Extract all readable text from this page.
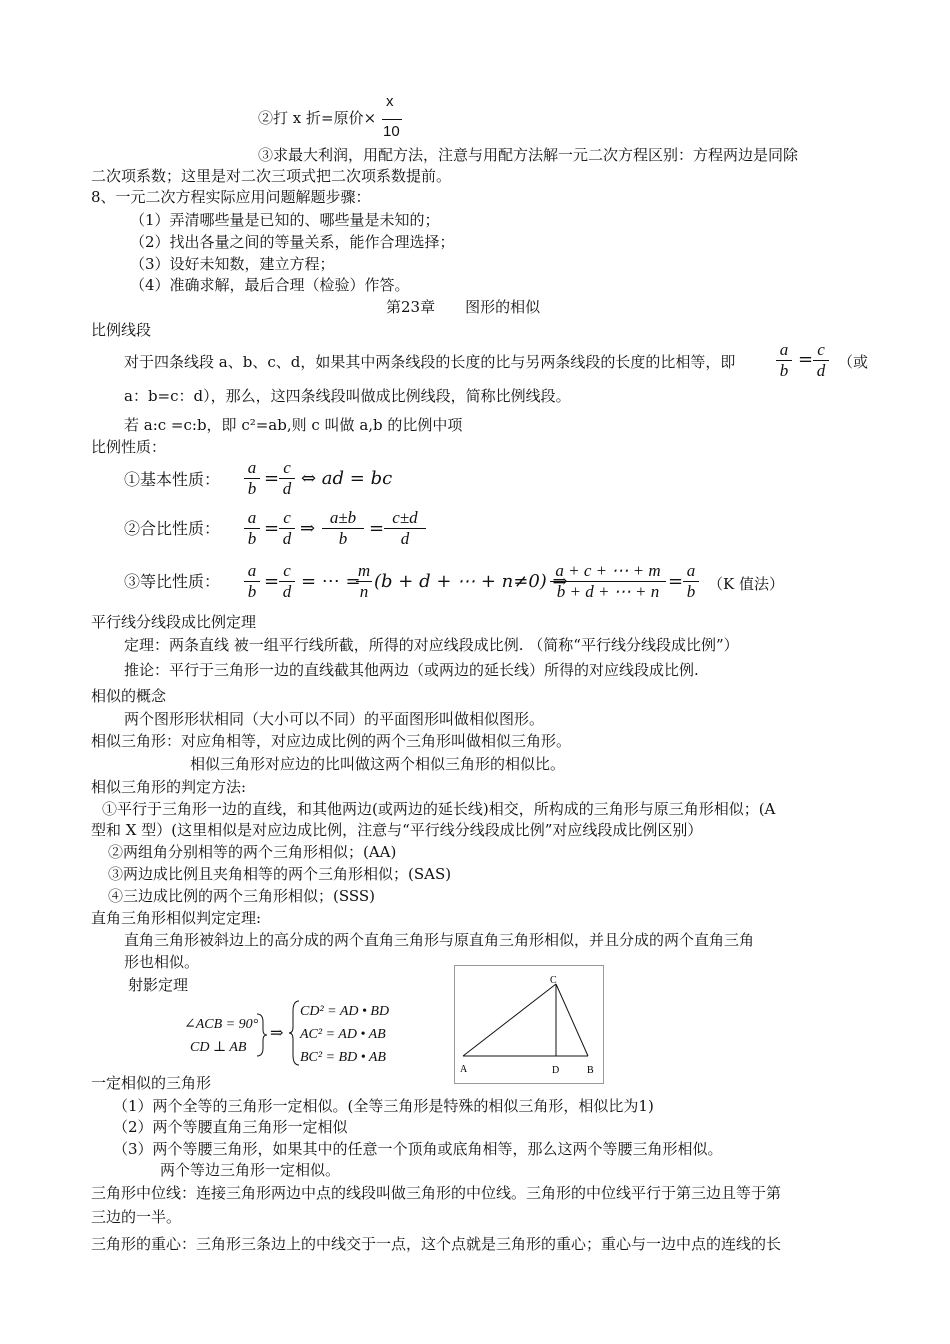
②打 x 折=原价×
x
10
③求最大利润，用配方法，注意与用配方法解一元二次方程区别：方程两边是同除
二次项系数；这里是对二次三项式把二次项系数提前。
8、一元二次方程实际应用问题解题步骤：
（1）弄清哪些量是已知的、哪些量是未知的；
（2）找出各量之间的等量关系，能作合理选择；
（3）设好未知数，建立方程；
（4）准确求解，最后合理（检验）作答。
第23章　　图形的相似
比例线段
对于四条线段 a、b、c、d，如果其中两条线段的长度的比与另两条线段的长度的比相等，即 $\frac{a}{b} = \frac{c}{d}$ （或
a：b=c：d），那么，这四条线段叫做成比例线段，简称比例线段。
若 a:c =c:b，即 c²=ab,则 c 叫做 a,b 的比例中项
比例性质：
①基本性质： $\frac{a}{b} = \frac{c}{d}$ ⇔ ad = bc
②合比性质： $\frac{a}{b} = \frac{c}{d}$ ⇒ $\frac{a\pm b}{b} = \frac{c\pm d}{d}$
③等比性质： $\frac{a}{b} = \frac{c}{d}$ = ⋯ =
$\frac{m}{n} (b + d$ + ⋯ + n≠0) ⇒
$\frac{a + c + \cdots + m}{b + d + \cdots + n} = \frac{a}{b} (K$ 值法）
平行线分线段成比例定理
定理：两条直线 被一组平行线所截，所得的对应线段成比例. （简称“平行线分线段成比例”）
推论：平行于三角形一边的直线截其他两边（或两边的延长线）所得的对应线段成比例.
相似的概念
两个图形形状相同（大小可以不同）的平面图形叫做相似图形。
相似三角形：对应角相等，对应边成比例的两个三角形叫做相似三角形。
相似三角形对应边的比叫做这两个相似三角形的相似比。
相似三角形的判定方法:
①平行于三角形一边的直线，和其他两边(或两边的延长线)相交，所构成的三角形与原三角形相似；(A
型和 X 型）(这里相似是对应边成比例，注意与“平行线分线段成比例”对应线段成比例区别）
②两组角分别相等的两个三角形相似；(AA)
③两边成比例且夹角相等的两个三角形相似；(SAS)
④三边成比例的两个三角形相似；(SSS)
直角三角形相似判定定理:
直角三角形被斜边上的高分成的两个直角三角形与原直角三角形相似，并且分成的两个直角三角
形也相似。
射影定理
∠ACB = 90°
CD ⊥ AB
⇒
CD² = AD • BD
AC² = AD • AB
BC² = BD • AB
C
A	D	B
一定相似的三角形
（1）两个全等的三角形一定相似。(全等三角形是特殊的相似三角形，相似比为1)
（2）两个等腰直角三角形一定相似
（3）两个等腰三角形，如果其中的任意一个顶角或底角相等，那么这两个等腰三角形相似。
两个等边三角形一定相似。
三角形中位线：连接三角形两边中点的线段叫做三角形的中位线。三角形的中位线平行于第三边且等于第
三边的一半。
三角形的重心：三角形三条边上的中线交于一点，这个点就是三角形的重心；重心与一边中点的连线的长
